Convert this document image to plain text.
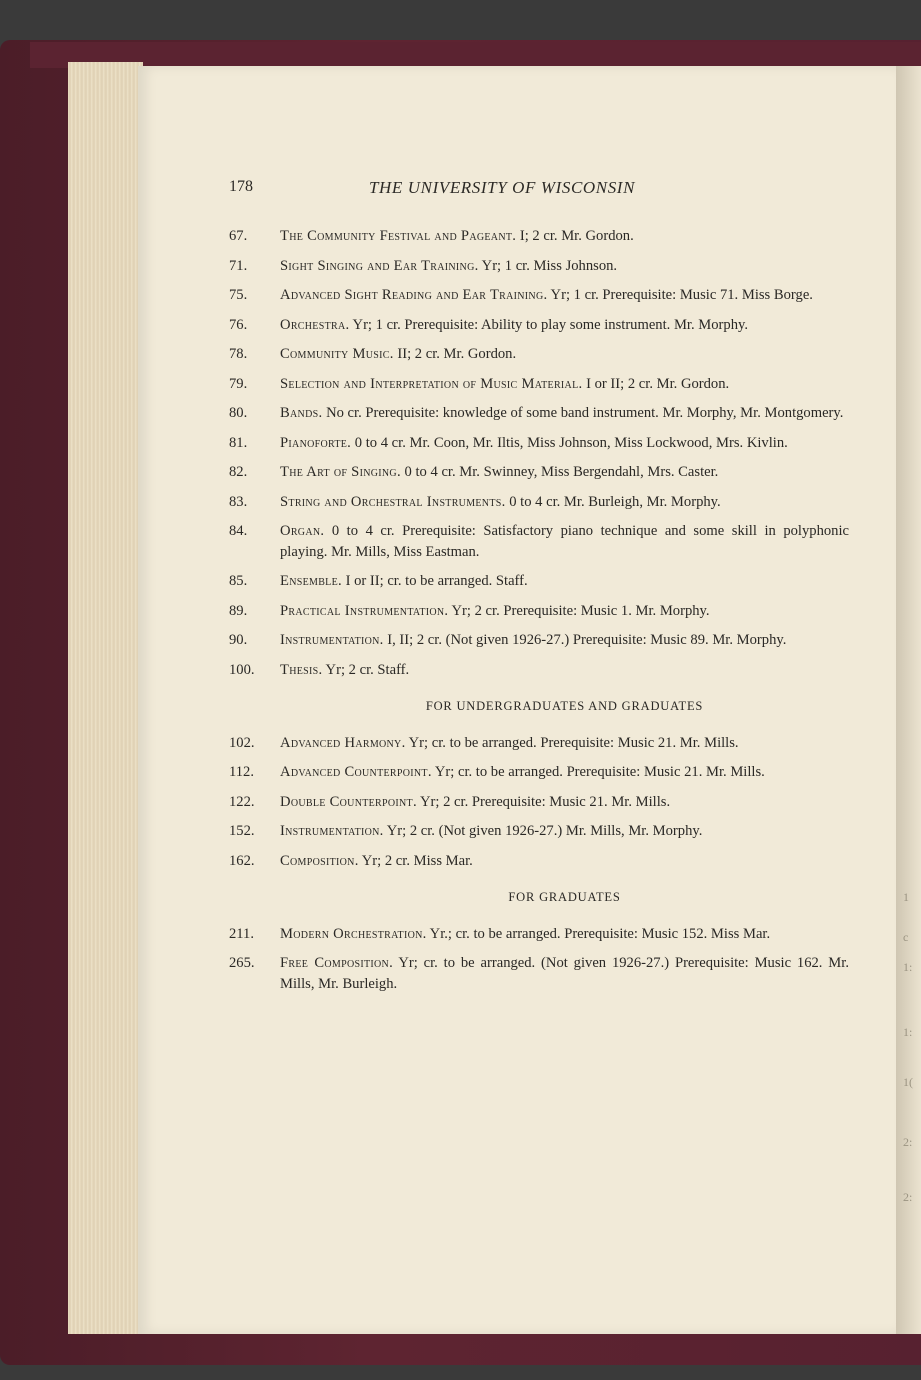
1
c
1:
1:
1(
2:
2:
178	THE UNIVERSITY OF WISCONSIN
67.	The Community Festival and Pageant. I; 2 cr. Mr. Gordon.
71.	Sight Singing and Ear Training. Yr; 1 cr. Miss Johnson.
75.	Advanced Sight Reading and Ear Training. Yr; 1 cr. Prerequisite: Music 71. Miss Borge.
76.	Orchestra. Yr; 1 cr. Prerequisite: Ability to play some instrument. Mr. Morphy.
78.	Community Music. II; 2 cr. Mr. Gordon.
79.	Selection and Interpretation of Music Material. I or II; 2 cr. Mr. Gordon.
80.	Bands. No cr. Prerequisite: knowledge of some band instrument. Mr. Morphy, Mr. Montgomery.
81.	Pianoforte. 0 to 4 cr. Mr. Coon, Mr. Iltis, Miss Johnson, Miss Lockwood, Mrs. Kivlin.
82.	The Art of Singing. 0 to 4 cr. Mr. Swinney, Miss Bergendahl, Mrs. Caster.
83.	String and Orchestral Instruments. 0 to 4 cr. Mr. Burleigh, Mr. Morphy.
84.	Organ. 0 to 4 cr. Prerequisite: Satisfactory piano technique and some skill in polyphonic playing. Mr. Mills, Miss Eastman.
85.	Ensemble. I or II; cr. to be arranged. Staff.
89.	Practical Instrumentation. Yr; 2 cr. Prerequisite: Music 1. Mr. Morphy.
90.	Instrumentation. I, II; 2 cr. (Not given 1926-27.) Prerequisite: Music 89. Mr. Morphy.
100.	Thesis. Yr; 2 cr. Staff.
FOR UNDERGRADUATES AND GRADUATES
102.	Advanced Harmony. Yr; cr. to be arranged. Prerequisite: Music 21. Mr. Mills.
112.	Advanced Counterpoint. Yr; cr. to be arranged. Prerequisite: Music 21. Mr. Mills.
122.	Double Counterpoint. Yr; 2 cr. Prerequisite: Music 21. Mr. Mills.
152.	Instrumentation. Yr; 2 cr. (Not given 1926-27.) Mr. Mills, Mr. Morphy.
162.	Composition. Yr; 2 cr. Miss Mar.
FOR GRADUATES
211.	Modern Orchestration. Yr.; cr. to be arranged. Prerequisite: Music 152. Miss Mar.
265.	Free Composition. Yr; cr. to be arranged. (Not given 1926-27.) Prerequisite: Music 162. Mr. Mills, Mr. Burleigh.
